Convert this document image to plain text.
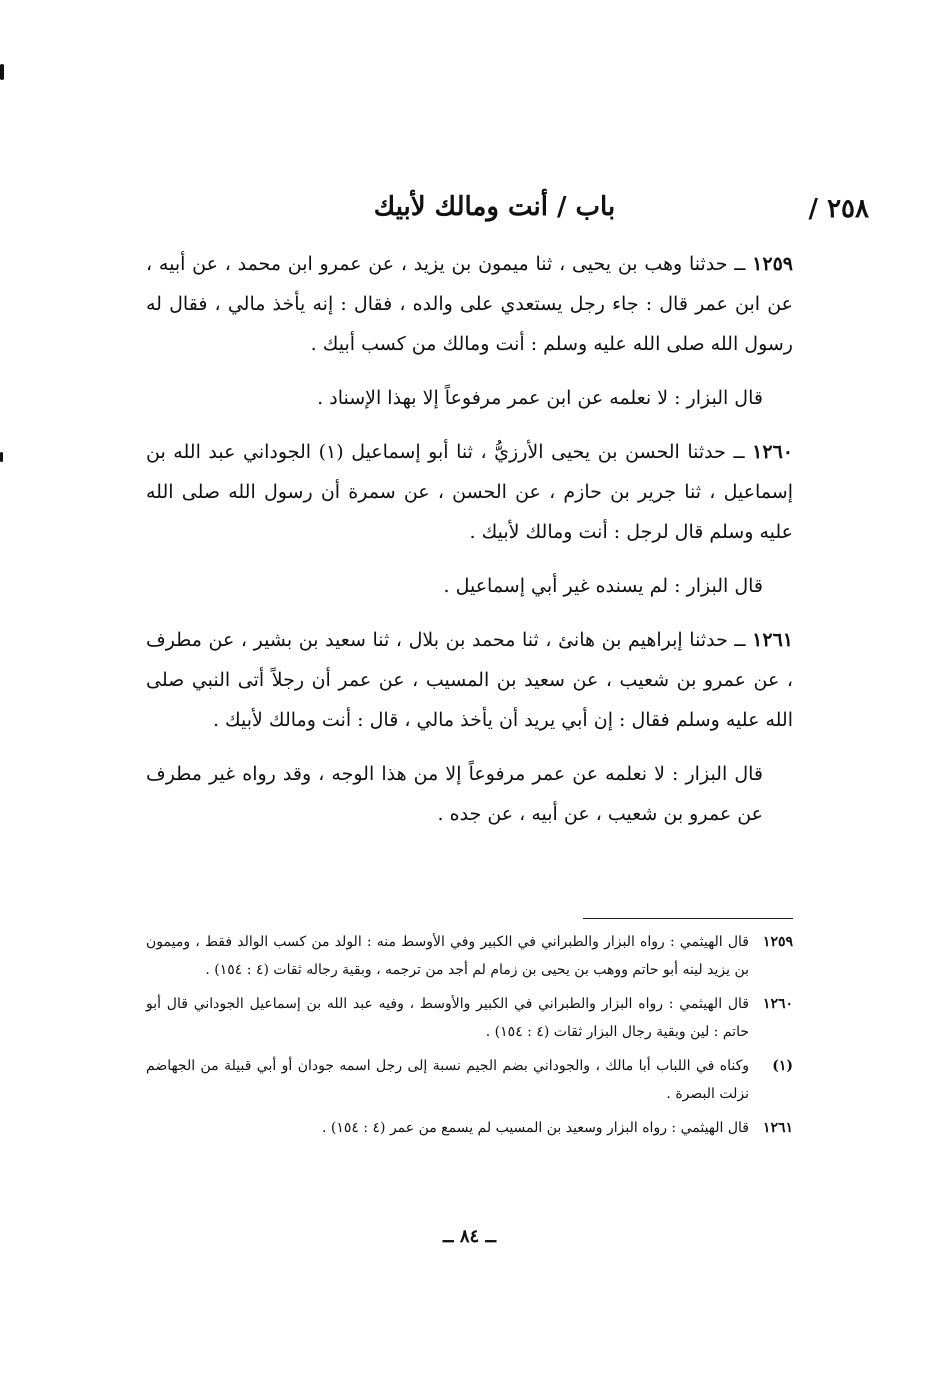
٢٥٨ /
باب / أنت ومالك لأبيك

١٢٥٩ ــ حدثنا وهب بن يحيى ، ثنا ميمون بن يزيد ، عن عمرو ابن محمد ، عن أبيه ، عن ابن عمر قال : جاء رجل يستعدي على والده ، فقال : إنه يأخذ مالي ، فقال له رسول الله صلى الله عليه وسلم : أنت ومالك من كسب أبيك .

قال البزار : لا نعلمه عن ابن عمر مرفوعاً إلا بهذا الإسناد .

١٢٦٠ ــ حدثنا الحسن بن يحيى الأرزيُّ ، ثنا أبو إسماعيل (١) الجوداني عبد الله بن إسماعيل ، ثنا جرير بن حازم ، عن الحسن ، عن سمرة أن رسول الله صلى الله عليه وسلم قال لرجل : أنت ومالك لأبيك .

قال البزار : لم يسنده غير أبي إسماعيل .

١٢٦١ ــ حدثنا إبراهيم بن هانئ ، ثنا محمد بن بلال ، ثنا سعيد بن بشير ، عن مطرف ، عن عمرو بن شعيب ، عن سعيد بن المسيب ، عن عمر أن رجلاً أتى النبي صلى الله عليه وسلم فقال : إن أبي يريد أن يأخذ مالي ، قال : أنت ومالك لأبيك .

قال البزار : لا نعلمه عن عمر مرفوعاً إلا من هذا الوجه ، وقد رواه غير مطرف عن عمرو بن شعيب ، عن أبيه ، عن جده .

١٢٥٩
قال الهيثمي : رواه البزار والطبراني في الكبير وفي الأوسط منه : الولد من كسب الوالد فقط ، وميمون بن يزيد لينه أبو حاتم ووهب بن يحيى بن زمام لم أجد من ترجمه ، وبقية رجاله ثقات (٤ : ١٥٤) .
١٢٦٠
قال الهيثمي : رواه البزار والطبراني في الكبير والأوسط ، وفيه عبد الله بن إسماعيل الجوداني قال أبو حاتم : لين وبقية رجال البزار ثقات (٤ : ١٥٤) .
(١)
وكناه في اللباب أبا مالك ، والجوداني بضم الجيم نسبة إلى رجل اسمه جودان أو أبي قبيلة من الجهاضم نزلت البصرة .
١٢٦١
قال الهيثمي : رواه البزار وسعيد بن المسيب لم يسمع من عمر (٤ : ١٥٤) .
ــ ٨٤ ــ
